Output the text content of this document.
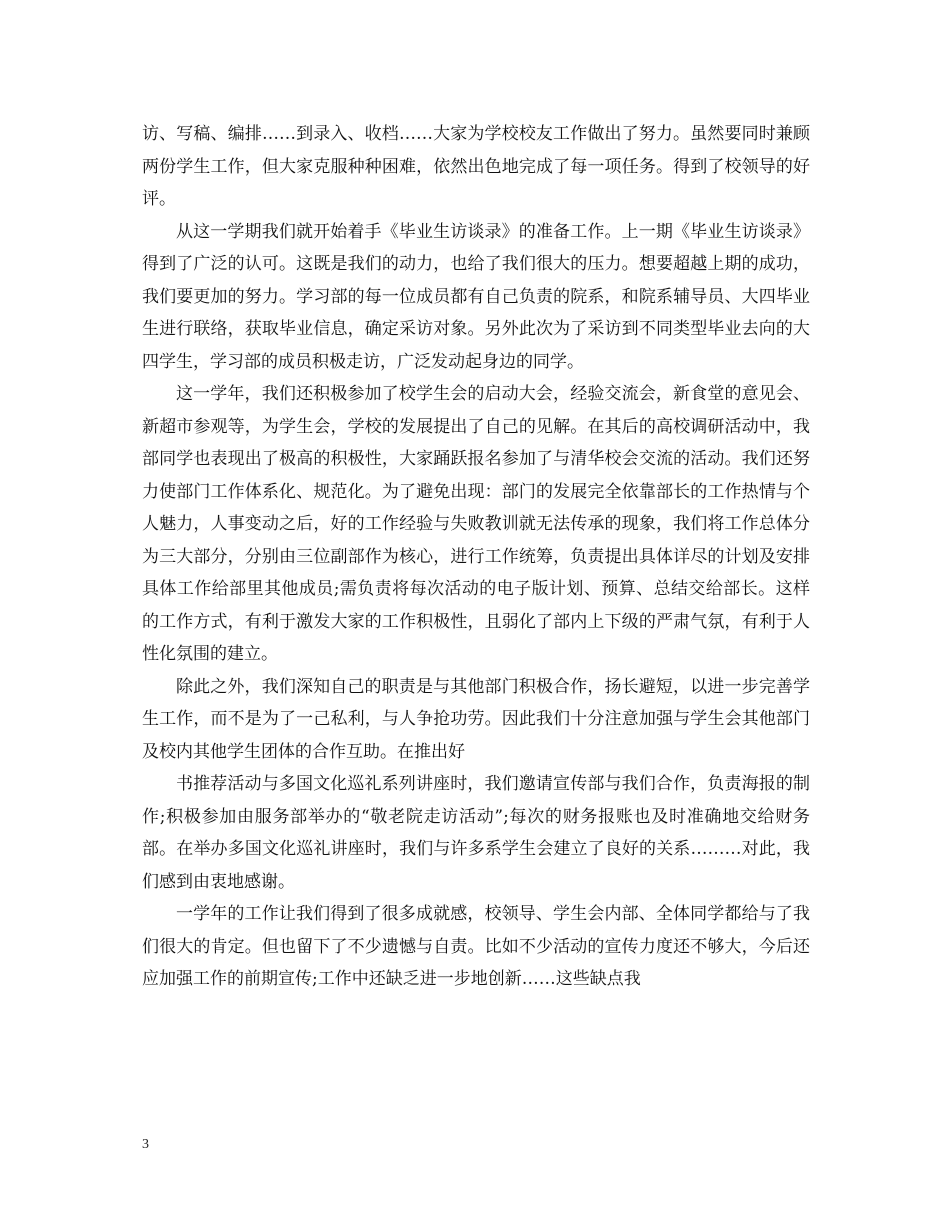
访、写稿、编排……到录入、收档……大家为学校校友工作做出了努力。虽然要同时兼顾两份学生工作，但大家克服种种困难，依然出色地完成了每一项任务。得到了校领导的好评。

从这一学期我们就开始着手《毕业生访谈录》的准备工作。上一期《毕业生访谈录》得到了广泛的认可。这既是我们的动力，也给了我们很大的压力。想要超越上期的成功，我们要更加的努力。学习部的每一位成员都有自己负责的院系，和院系辅导员、大四毕业生进行联络，获取毕业信息，确定采访对象。另外此次为了采访到不同类型毕业去向的大四学生，学习部的成员积极走访，广泛发动起身边的同学。

这一学年，我们还积极参加了校学生会的启动大会，经验交流会，新食堂的意见会、新超市参观等，为学生会，学校的发展提出了自己的见解。在其后的高校调研活动中，我部同学也表现出了极高的积极性，大家踊跃报名参加了与清华校会交流的活动。我们还努力使部门工作体系化、规范化。为了避免出现：部门的发展完全依靠部长的工作热情与个人魅力，人事变动之后，好的工作经验与失败教训就无法传承的现象，我们将工作总体分为三大部分，分别由三位副部作为核心，进行工作统筹，负责提出具体详尽的计划及安排具体工作给部里其他成员;需负责将每次活动的电子版计划、预算、总结交给部长。这样的工作方式，有利于激发大家的工作积极性，且弱化了部内上下级的严肃气氛，有利于人性化氛围的建立。

除此之外，我们深知自己的职责是与其他部门积极合作，扬长避短，以进一步完善学生工作，而不是为了一己私利，与人争抢功劳。因此我们十分注意加强与学生会其他部门及校内其他学生团体的合作互助。在推出好

书推荐活动与多国文化巡礼系列讲座时，我们邀请宣传部与我们合作，负责海报的制作;积极参加由服务部举办的“敬老院走访活动”;每次的财务报账也及时准确地交给财务部。在举办多国文化巡礼讲座时，我们与许多系学生会建立了良好的关系………对此，我们感到由衷地感谢。

一学年的工作让我们得到了很多成就感，校领导、学生会内部、全体同学都给与了我们很大的肯定。但也留下了不少遗憾与自责。比如不少活动的宣传力度还不够大，今后还应加强工作的前期宣传;工作中还缺乏进一步地创新……这些缺点我

3
